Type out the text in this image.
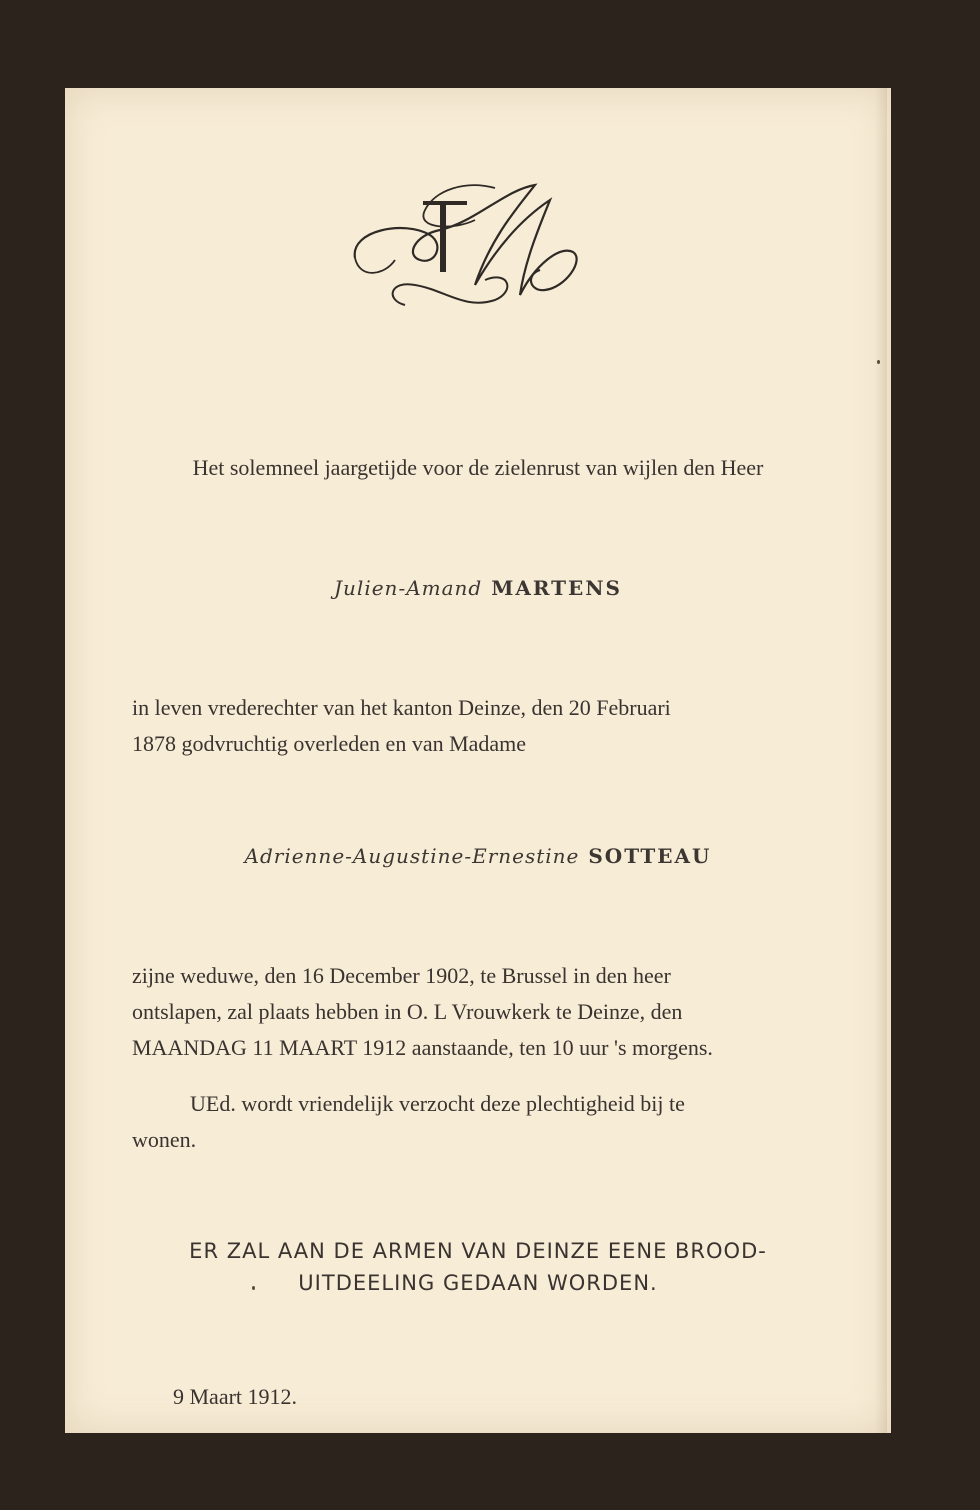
Het solemneel jaargetijde voor de zielenrust van wijlen den Heer
Julien-Amand MARTENS
in leven vrederechter van het kanton Deinze, den 20 Februari
1878 godvruchtig overleden en van Madame
Adrienne-Augustine-Ernestine SOTTEAU
zijne weduwe, den 16 December 1902, te Brussel in den heer
ontslapen, zal plaats hebben in O. L Vrouwkerk te Deinze, den
MAANDAG 11 MAART 1912 aanstaande, ten 10 uur 's morgens.
UEd. wordt vriendelijk verzocht deze plechtigheid bij te
wonen.
ER ZAL AAN DE ARMEN VAN DEINZE EENE BROOD-
UITDEELING GEDAAN WORDEN.
9 Maart 1912.
